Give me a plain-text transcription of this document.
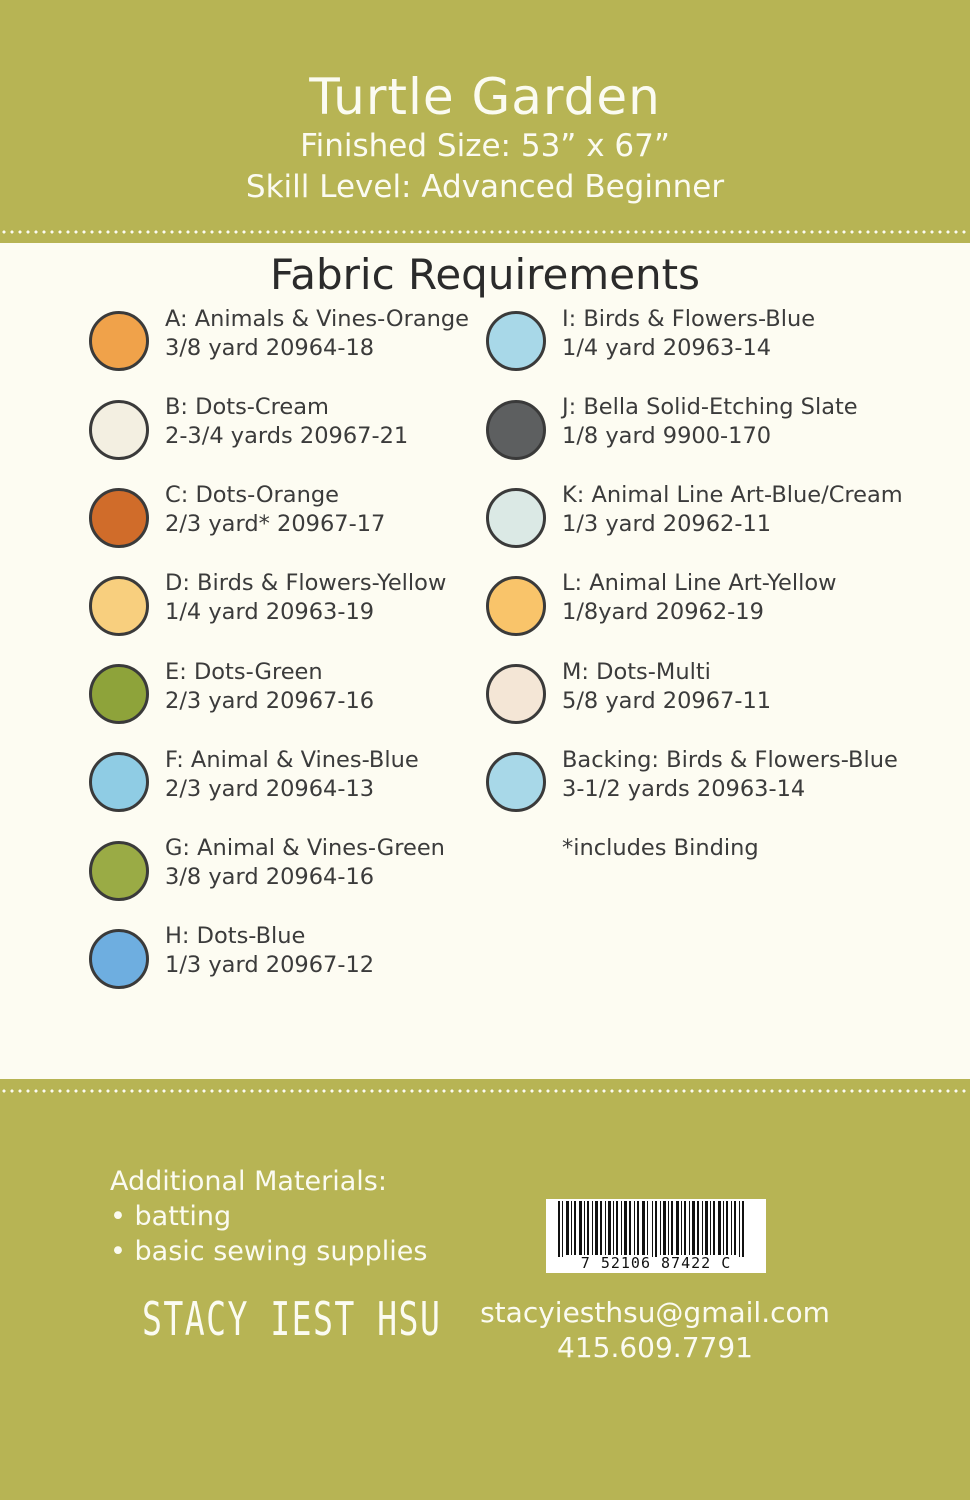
Turtle Garden
Finished Size: 53” x 67”
Skill Level: Advanced Beginner
Fabric Requirements
A: Animals & Vines-Orange
3/8 yard 20964-18
B: Dots-Cream
2-3/4 yards 20967-21
C: Dots-Orange
2/3 yard* 20967-17
D: Birds & Flowers-Yellow
1/4 yard 20963-19
E: Dots-Green
2/3 yard 20967-16
F: Animal & Vines-Blue
2/3 yard 20964-13
G: Animal & Vines-Green
3/8 yard 20964-16
H: Dots-Blue
1/3 yard 20967-12
I: Birds & Flowers-Blue
1/4 yard 20963-14
J: Bella Solid-Etching Slate
1/8 yard 9900-170
K: Animal Line Art-Blue/Cream
1/3 yard 20962-11
L: Animal Line Art-Yellow
1/8yard 20962-19
M: Dots-Multi
5/8 yard 20967-11
Backing: Birds & Flowers-Blue
3-1/2 yards 20963-14
*includes Binding
Additional Materials:
• batting
• basic sewing supplies
STACY IEST HSU
7 52106 87422 C
stacyiesthsu@gmail.com
415.609.7791
